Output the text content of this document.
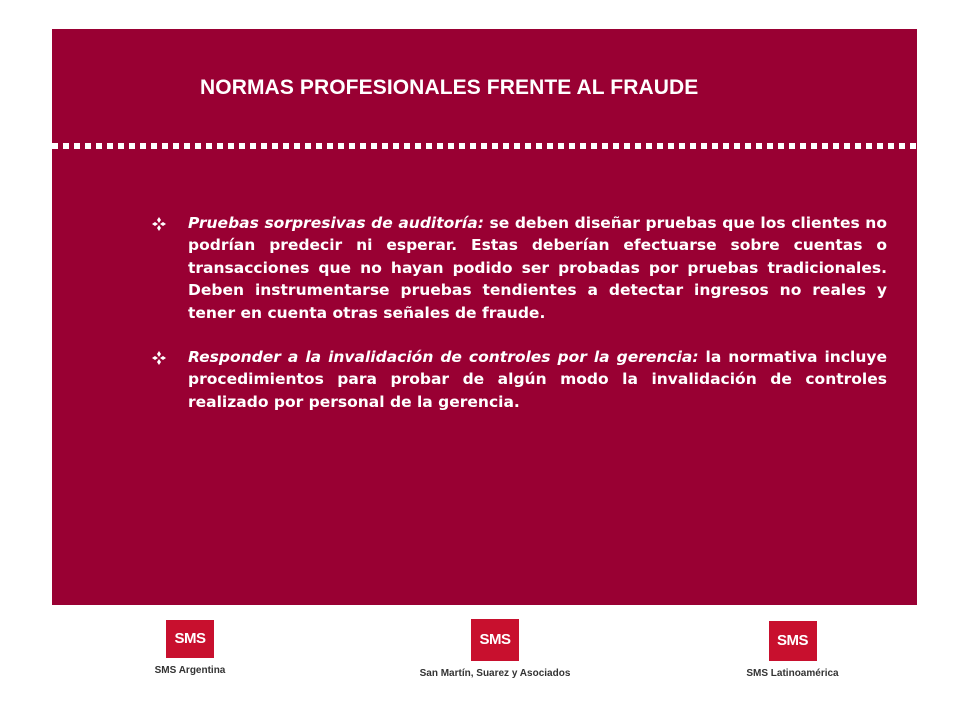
NORMAS PROFESIONALES FRENTE AL FRAUDE
Pruebas sorpresivas de auditoría: se deben diseñar pruebas que los clientes no podrían predecir ni esperar. Estas deberían efectuarse sobre cuentas o transacciones que no hayan podido ser probadas por pruebas tradicionales. Deben instrumentarse pruebas tendientes a detectar ingresos no reales y tener en cuenta otras señales de fraude.
Responder a la invalidación de controles por la gerencia: la normativa incluye procedimientos para probar de algún modo la invalidación de controles realizado por personal de la gerencia.
SMS
SMS Argentina
SMS
San Martín, Suarez y Asociados
SMS
SMS Latinoamérica
